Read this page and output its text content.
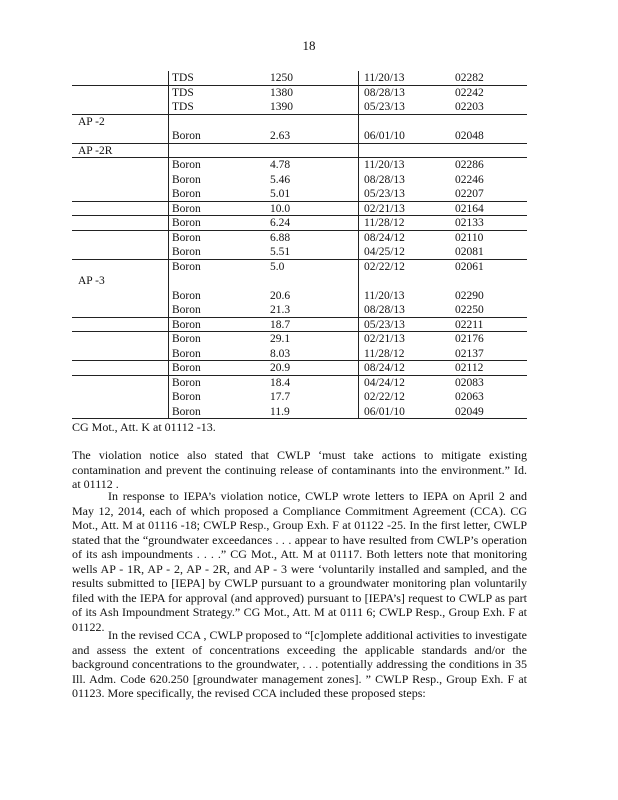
18
TDS	1250	11/20/13	02282
TDS	1380	08/28/13	02242
TDS	1390	05/23/13	02203
AP -2
Boron	2.63	06/01/10	02048
AP -2R
Boron	4.78	11/20/13	02286
Boron	5.46	08/28/13	02246
Boron	5.01	05/23/13	02207
Boron	10.0	02/21/13	02164
Boron	6.24	11/28/12	02133
Boron	6.88	08/24/12	02110
Boron	5.51	04/25/12	02081
Boron	5.0	02/22/12	02061
AP -3
Boron	20.6	11/20/13	02290
Boron	21.3	08/28/13	02250
Boron	18.7	05/23/13	02211
Boron	29.1	02/21/13	02176
Boron	8.03	11/28/12	02137
Boron	20.9	08/24/12	02112
Boron	18.4	04/24/12	02083
Boron	17.7	02/22/12	02063
Boron	11.9	06/01/10	02049
CG Mot., Att. K at 01112 -13.
The violation notice also stated that CWLP ‘must take actions to mitigate existing contamination and prevent the continuing release of contaminants into the environment.” Id. at 01112 .
In response to IEPA’s violation notice, CWLP wrote letters to IEPA on April 2 and May 12, 2014, each of which proposed a Compliance Commitment Agreement (CCA). CG Mot., Att. M at 01116 -18; CWLP Resp., Group Exh. F at 01122 -25. In the first letter, CWLP stated that the “groundwater exceedances . . . appear to have resulted from CWLP’s operation of its ash impoundments . . . .” CG Mot., Att. M at 01117. Both letters note that monitoring wells AP - 1R, AP - 2, AP - 2R, and AP - 3 were ‘voluntarily installed and sampled, and the results submitted to [IEPA] by CWLP pursuant to a groundwater monitoring plan voluntarily filed with the IEPA for approval (and approved) pursuant to [IEPA’s] request to CWLP as part of its Ash Impoundment Strategy.” CG Mot., Att. M at 0111 6; CWLP Resp., Group Exh. F at 01122.
In the revised CCA , CWLP proposed to “[c]omplete additional activities to investigate and assess the extent of concentrations exceeding the applicable standards and/or the background concentrations to the groundwater, . . . potentially addressing the conditions in 35 Ill. Adm. Code 620.250 [groundwater management zones]. ” CWLP Resp., Group Exh. F at 01123. More specifically, the revised CCA included these proposed steps:
